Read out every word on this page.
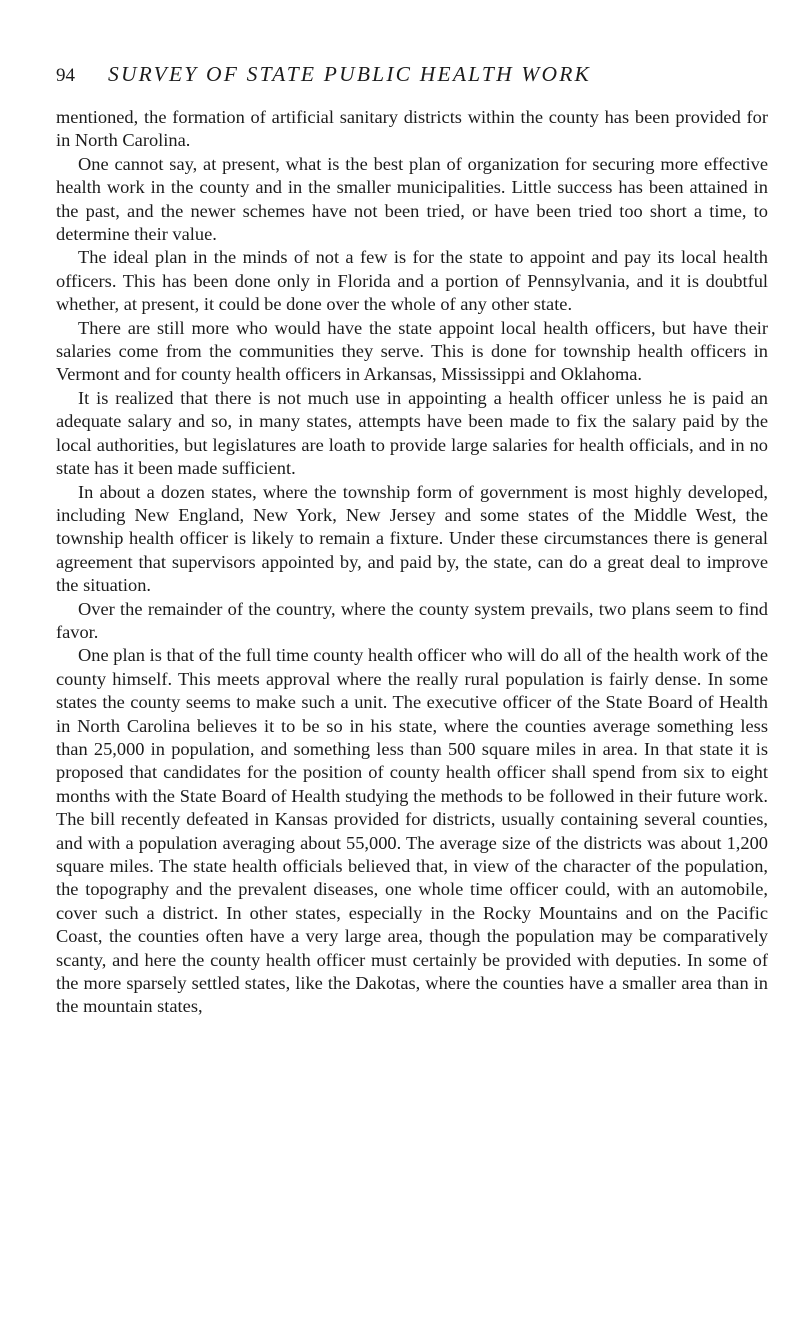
94	SURVEY OF STATE PUBLIC HEALTH WORK

mentioned, the formation of artificial sanitary districts within the county has been provided for in North Carolina.

One cannot say, at present, what is the best plan of organization for securing more effective health work in the county and in the smaller municipalities. Little success has been attained in the past, and the newer schemes have not been tried, or have been tried too short a time, to determine their value.

The ideal plan in the minds of not a few is for the state to appoint and pay its local health officers. This has been done only in Florida and a portion of Pennsylvania, and it is doubtful whether, at present, it could be done over the whole of any other state.

There are still more who would have the state appoint local health officers, but have their salaries come from the communities they serve. This is done for township health officers in Vermont and for county health officers in Arkansas, Mississippi and Oklahoma.

It is realized that there is not much use in appointing a health officer unless he is paid an adequate salary and so, in many states, attempts have been made to fix the salary paid by the local authorities, but legislatures are loath to provide large salaries for health officials, and in no state has it been made sufficient.

In about a dozen states, where the township form of government is most highly developed, including New England, New York, New Jersey and some states of the Middle West, the township health officer is likely to remain a fixture. Under these circumstances there is general agreement that supervisors appointed by, and paid by, the state, can do a great deal to improve the situation.

Over the remainder of the country, where the county system prevails, two plans seem to find favor.

One plan is that of the full time county health officer who will do all of the health work of the county himself. This meets approval where the really rural population is fairly dense. In some states the county seems to make such a unit. The executive officer of the State Board of Health in North Carolina believes it to be so in his state, where the counties average something less than 25,000 in population, and something less than 500 square miles in area. In that state it is proposed that candidates for the position of county health officer shall spend from six to eight months with the State Board of Health studying the methods to be followed in their future work. The bill recently defeated in Kansas provided for districts, usually containing several counties, and with a population averaging about 55,000. The average size of the districts was about 1,200 square miles. The state health officials believed that, in view of the character of the population, the topography and the prevalent diseases, one whole time officer could, with an automobile, cover such a district. In other states, especially in the Rocky Mountains and on the Pacific Coast, the counties often have a very large area, though the population may be comparatively scanty, and here the county health officer must certainly be provided with deputies. In some of the more sparsely settled states, like the Dakotas, where the counties have a smaller area than in the mountain states,
